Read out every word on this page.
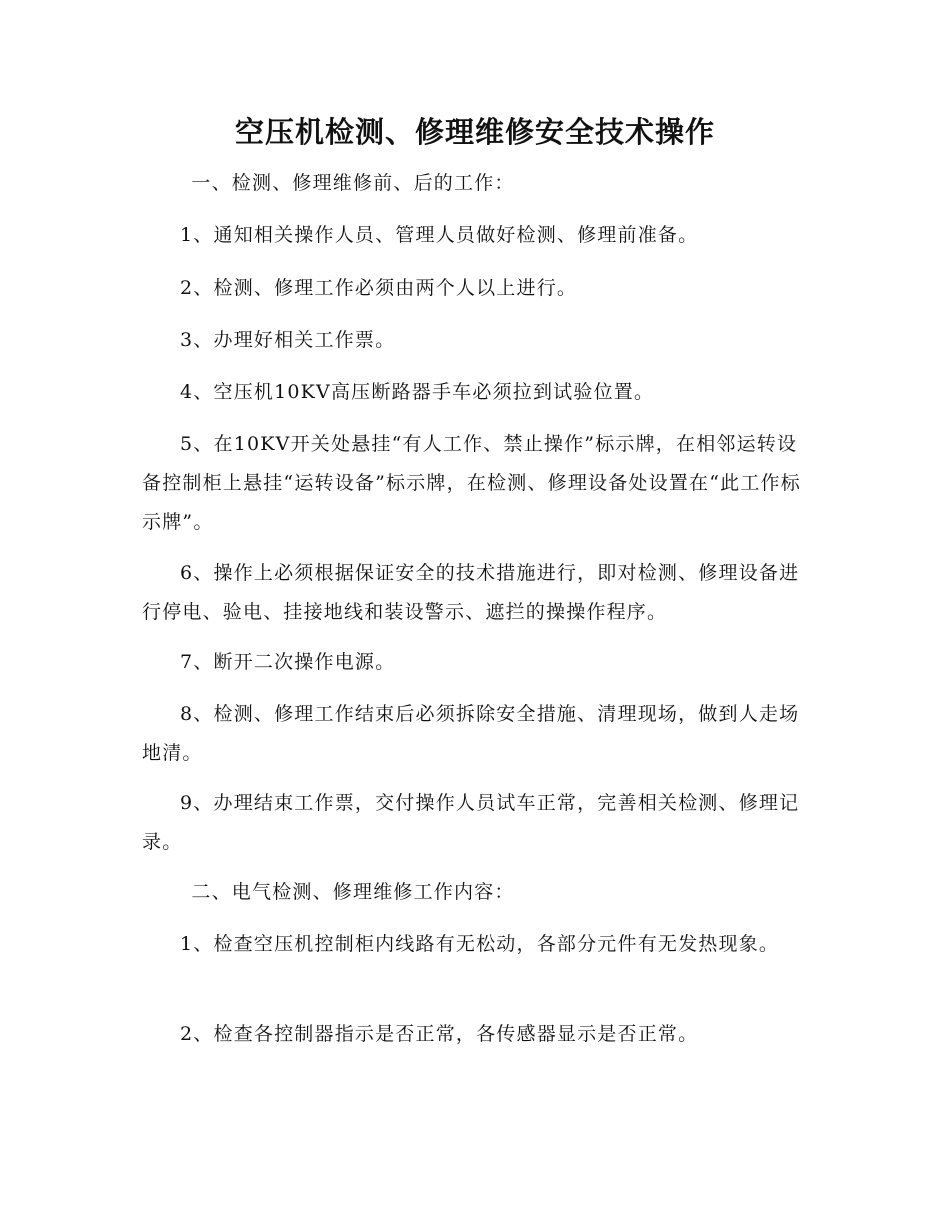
空压机检测、修理维修安全技术操作

一、检测、修理维修前、后的工作：

1、通知相关操作人员、管理人员做好检测、修理前准备。

2、检测、修理工作必须由两个人以上进行。

3、办理好相关工作票。

4、空压机10KV高压断路器手车必须拉到试验位置。

5、在10KV开关处悬挂“有人工作、禁止操作”标示牌，在相邻运转设备控制柜上悬挂“运转设备”标示牌，在检测、修理设备处设置在“此工作标示牌”。

6、操作上必须根据保证安全的技术措施进行，即对检测、修理设备进行停电、验电、挂接地线和装设警示、遮拦的操操作程序。

7、断开二次操作电源。

8、检测、修理工作结束后必须拆除安全措施、清理现场，做到人走场地清。

9、办理结束工作票，交付操作人员试车正常，完善相关检测、修理记录。

二、电气检测、修理维修工作内容：

1、检查空压机控制柜内线路有无松动，各部分元件有无发热现象。

2、检查各控制器指示是否正常，各传感器显示是否正常。
